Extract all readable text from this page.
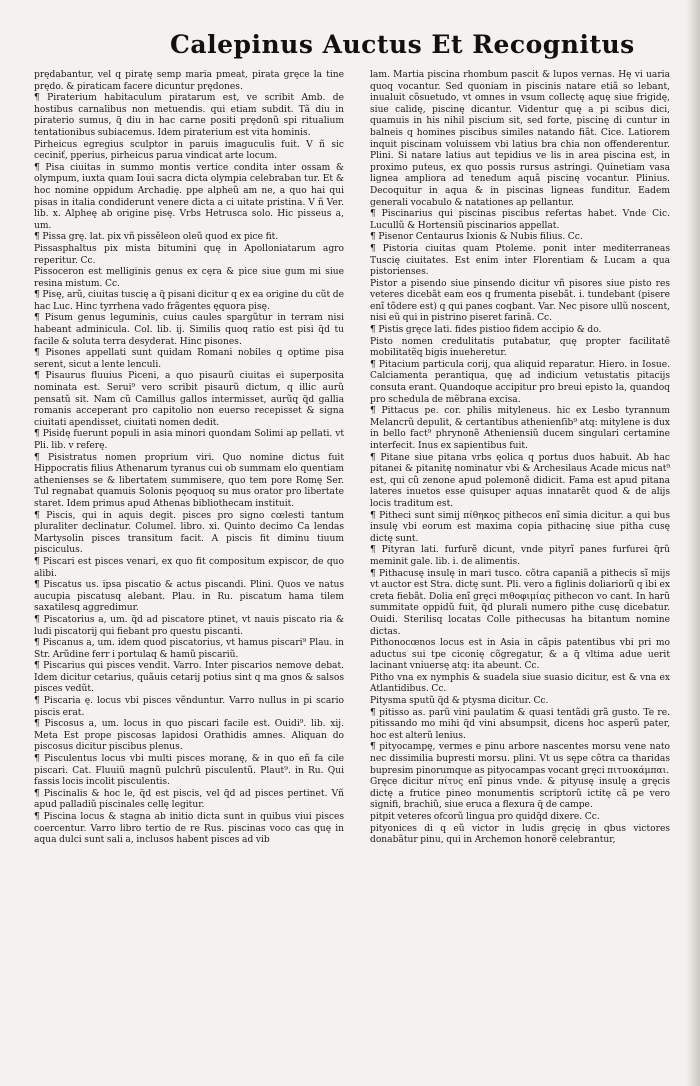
Calepinus Auctus Et Recognitus

prędabantur, vel q piratę semp maria pmeat, pirata gręce la tine prędo. & piraticam facere dicuntur prędones.

¶ Piraterium habitaculum piratarum est, ve scribit Amb. de hostibus carnalibus non metuendis. qui etiam subdit. Tã diu in piraterio sumus, q̃ diu in hac carne positi prędonũ spi ritualium tentationibus subiacemus. Idem piraterium est vita hominis.

Pirheicus egregius sculptor in paruis imaguculis fuit. V ñ sic ceciniť, pperius, pirheicus parua vindicat arte locum.

¶ Pisa ciuitas in summo montis vertice condita inter ossam & olympum, iuxta quam Ioui sacra dicta olympia celebraban tur. Et & hoc nomine oppidum Archadię. ppe alpheũ am ne, a quo hai qui pisas in italia condiderunt venere dicta a ci uitate pristina. V ñ Ver. lib. x. Alpheę ab origine pisę. Vrbs Hetrusca solo. Hic pisseus a, um.

¶ Pissa grę. lat. pix vñ pissěleon oleũ quod ex pice fit.

Pissasphaltus pix mista bitumini quę in Apolloniatarum agro reperitur. Cc.

Pissoceron est melliginis genus ex cęra & pice siue gum mi siue resina mistum. Cc.

¶ Pisę, arũ, ciuitas tuscię a q̃ pisani dicitur q ex ea origine du cũt de hac Luc. Hinc tyrrhena vado frãgentes ęquora pisę.

¶ Pisum genus leguminis, cuius caules spargũtur in terram nisi habeant adminicula. Col. lib. ij. Similis quoq ratio est pisi q̃d tu facile & soluta terra desyderat. Hinc pisones.

¶ Pisones appellati sunt quidam Romani nobiles q optime pisa serent, sicut a lente lenculi.

¶ Pisaurus fluuius Piceni, a quo pisaurũ ciuitas ei superposita nominata est. Serui⁹ vero scribit pisaurũ dictum, q illic aurũ pensatũ sit. Nam cũ Camillus gallos intermisset, aurũq q̃d gallia romanis acceperant pro capitolio non euerso recepisset & signa ciuitati apendisset, ciuitati nomen dedit.

¶ Pisidę fuerunt populi in asia minori quondam Solimi ap pellati. vt Pli. lib. v referę.

¶ Pisistratus nomen proprium viri. Quo nomine dictus fuit Hippocratis filius Athenarum tyranus cui ob summam elo quentiam athenienses se & libertatem summisere, quo tem pore Romę Ser. Tul regnabat quamuis Solonis pęoquoq su mus orator pro libertate staret. Idem primus apud Athenas bibliothecam instituit.

¶ Piscis, qui in aquis degit. pisces pro signo cœlesti tantum pluraliter declinatur. Columel. libro. xi. Quinto decimo Ca lendas Martysolin pisces transitum facit. A piscis fit diminu tiuum pisciculus.

¶ Piscari est pisces venari, ex quo fit compositum expiscor, de quo alibi.

¶ Piscatus us. ipsa piscatio & actus piscandi. Plini. Quos ve natus aucupia piscatusq alebant. Plau. in Ru. piscatum hama tilem saxatilesq aggredimur.

¶ Piscatorius a, um. q̃d ad piscatore ptinet, vt nauis piscato ria & ludi piscatorij qui fiebant pro questu piscanti.

¶ Piscanus a, um. idem quod piscatorius, vt hamus piscari⁹ Plau. in Str. Arũdine ferr i portulaq & hamũ piscariũ.

¶ Piscarius qui pisces vendit. Varro. Inter piscarios nemove debat. Idem dicitur cetarius, quãuis cetarij potius sint q ma gnos & salsos pisces vedũt.

¶ Piscaria ę. locus vbi pisces vẽnduntur. Varro nullus in pi scario piscis erat.

¶ Piscosus a, um. locus in quo piscari facile est. Ouidi⁹. lib. xij. Meta Est prope piscosas lapidosi Orathidis amnes. Aliquan do piscosus dicitur piscibus plenus.

¶ Pisculentus locus vbi multi pisces moranę, & in quo eñ fa cile piscari. Cat. Fluuiũ magnũ pulchrũ pisculentũ. Plaut⁹. in Ru. Qui fassis locis incolit pisculentis.

¶ Piscinalis & hoc le, q̃d est piscis, vel q̃d ad pisces pertinet. Vñ apud palladiũ piscinales cellę legitur.

¶ Piscina locus & stagna ab initio dicta sunt in quibus viui pisces coercentur. Varro libro tertio de re Rus. piscinas voco cas quę in aqua dulci sunt sali a, inclusos habent pisces ad vib

lam. Martia piscina rhombum pascit & lupos vernas. Hę vi uaria quoq vocantur. Sed quoniam in piscinis natare etiã so lebant, inualuit cõsuetudo, vt omnes in vsum collectę aquę siue frigidę, siue calidę, piscinę dicantur. Videntur quę a pi scibus dici, quamuis in his nihil piscium sit, sed forte, piscinę di cuntur in balneis q homines piscibus similes natando fiãt. Cice. Latiorem inquit piscinam voluissem vbi latius bra chia non offenderentur. Plini. Si natare latius aut tepidius ve lis in area piscina est, in proximo puteus, ex quo possis rursus astringi. Quinetiam vasa lignea ampliora ad tenedum aquã piscinę vocantur. Plinius. Decoquitur in aqua & in piscinas ligneas funditur. Eadem generali vocabulo & natationes ap pellantur.

¶ Piscinarius qui piscinas piscibus refertas habet. Vnde Cic. Lucullũ & Hortensiũ piscinarios appellat.

¶ Pisenor Centaurus Ixionis & Nubis filius. Cc.

¶ Pistoria ciuitas quam Ptoleme. ponit inter mediterraneas Tuscię ciuitates. Est enim inter Florentiam & Lucam a qua pistorienses.

Pistor a pisendo siue pinsendo dicitur vñ pisores siue pisto res veteres dicebãt eam eos q frumenta pisebãt. i. tundebant (pisere enĩ tõdere est) q qui panes coqbant. Var. Nec pisore ullũ noscent, nisi eũ qui in pistrino piseret farinã. Cc.

¶ Pistis gręce lati. fides pistioo fidem accipio & do.

Pisto nomen credulitatis putabatur, quę propter facilitatẽ mobilitatẽq bigis inueheretur.

¶ Pitacium particula corij, qua aliquid reparatur. Hiero. in Iosue. Calciamenta perantiqua, quę ad indicium vetustatis pitacijs consuta erant. Quandoque accipitur pro breui episto la, quandoq pro schedula de mẽbrana excisa.

¶ Pittacus pe. cor. philis mityleneus. hic ex Lesbo tyrannum Melancrũ depulit, & certantibus athenienſib⁹ atq: mitylene is dux in bello fact⁹ phrynonẽ Atheniensiũ ducem singulari certamine interfecit. Inus ex sapientibus fuit.

¶ Pitane siue pitana vrbs ęolica q portus duos habuit. Ab hac pitanei & pitanitę nominatur vbi & Archesilaus Acade micus nat⁹ est, qui cũ zenone apud polemonẽ didicit. Fama est apud pitana lateres inuetos esse quisuper aquas innatarẽt quod & de alijs locis traditum est.

¶ Pitheci sunt simij πίθηκος pithecos enĩ simia dicitur. a qui bus insulę vbi eorum est maxima copia pithacinę siue pitha cusę dictę sunt.

¶ Pityran lati. furfurẽ dicunt, vnde pityrĩ panes furfurei q̃rũ meminit gale. lib. i. de alimentis.

¶ Pithacusę insulę in mari tusco. cõtra capaniã a pithecis sĩ mijs vt auctor est Stra. dictę sunt. Pli. vero a figlinis doliariorũ q ibi ex creta fiebãt. Dolia enĩ gręci πιθοφιμίας pithecon vo cant. In harũ summitate oppidũ fuit, q̃d plurali numero pithe cusę dicebatur. Ouidi. Sterilisq locatas Colle pithecusas ha bitantum nomine dictas.

Pithonocœnos locus est in Asia in cãpis patentibus vbi pri mo aductus sui tpe ciconię cõgregatur, & a q̃ vltima adue uerit lacinant vniuersę atq: ita abeunt. Cc.

Pitho vna ex nymphis & suadela siue suasio dicitur, est & vna ex Atlantidibus. Cc.

Pitysma sputũ q̃d & ptysma dicitur. Cc.

¶ pitisso as. parũ vini paulatim & quasi tentãdi grã gusto. Te re. pitissando mo mihi q̃d vini absumpsit, dicens hoc asperũ pater, hoc est alterũ lenius.

¶ pityocampę, vermes e pinu arbore nascentes morsu vene nato nec dissimilia bupresti morsu. plini. Vt us sępe cõtra ca tharidas bupresim pinorumque as pityocampas vocant gręci πιτυοκάμπαι.

Gręce dicitur πίτυς enĩ pinus vnde. & pityusę insulę a gręcis dictę a frutice pineo monumentis scriptorũ ictitę cã pe vero signifi, brachiũ, siue eruca a flexura q̃ de campe.

pitpit veteres ofcorũ lingua pro quidq̃d dixere. Cc.

pityonices di q eũ victor in ludis gręcię in qbus victores donabãtur pinu, qui in Archemon honorẽ celebrantur,
